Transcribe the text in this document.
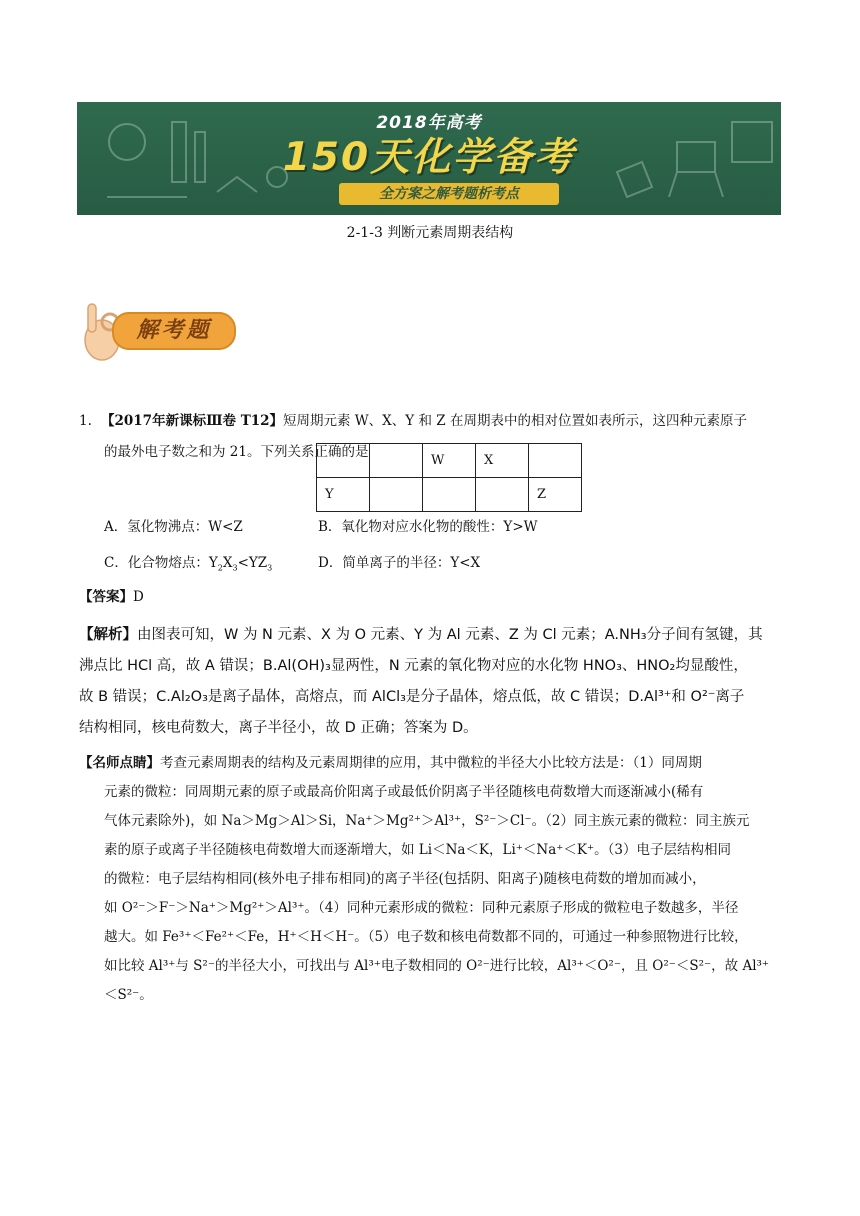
2018年高考
150天化学备考
全方案之解考题析考点
2-1-3 判断元素周期表结构
解考题
1. 【2017年新课标Ⅲ卷 T12】 短周期元素 W、X、Y 和 Z 在周期表中的相对位置如表所示，这四种元素原子
的最外电子数之和为 21。下列关系正确的是
		W	X	
Y				Z
A．氢化物沸点：W<Z	B．氧化物对应水化物的酸性：Y>W
C．化合物熔点：$Y_2X_3<YZ_3$	D．简单离子的半径：Y<X
【答案】D
【解析】由图表可知，W 为 N 元素、X 为 O 元素、Y 为 Al 元素、Z 为 Cl 元素；A.NH₃分子间有氢键，其
沸点比 HCl 高，故 A 错误；B.Al(OH)₃显两性，N 元素的氧化物对应的水化物 HNO₃、HNO₂均显酸性，
故 B 错误；C.Al₂O₃是离子晶体，高熔点，而 AlCl₃是分子晶体，熔点低，故 C 错误；D.Al³⁺和 O²⁻离子
结构相同，核电荷数大，离子半径小，故 D 正确；答案为 D。
【名师点睛】考查元素周期表的结构及元素周期律的应用，其中微粒的半径大小比较方法是：（1）同周期
元素的微粒：同周期元素的原子或最高价阳离子或最低价阴离子半径随核电荷数增大而逐渐减小(稀有
气体元素除外)，如 Na＞Mg＞Al＞Si，Na⁺＞Mg²⁺＞Al³⁺，S²⁻＞Cl⁻。（2）同主族元素的微粒：同主族元
素的原子或离子半径随核电荷数增大而逐渐增大，如 Li＜Na＜K，Li⁺＜Na⁺＜K⁺。（3）电子层结构相同
的微粒：电子层结构相同(核外电子排布相同)的离子半径(包括阴、阳离子)随核电荷数的增加而减小，
如 O²⁻＞F⁻＞Na⁺＞Mg²⁺＞Al³⁺。（4）同种元素形成的微粒：同种元素原子形成的微粒电子数越多，半径
越大。如 Fe³⁺＜Fe²⁺＜Fe，H⁺＜H＜H⁻。（5）电子数和核电荷数都不同的，可通过一种参照物进行比较，
如比较 Al³⁺与 S²⁻的半径大小，可找出与 Al³⁺电子数相同的 O²⁻进行比较，Al³⁺＜O²⁻，且 O²⁻＜S²⁻，故 Al³⁺
＜S²⁻。
